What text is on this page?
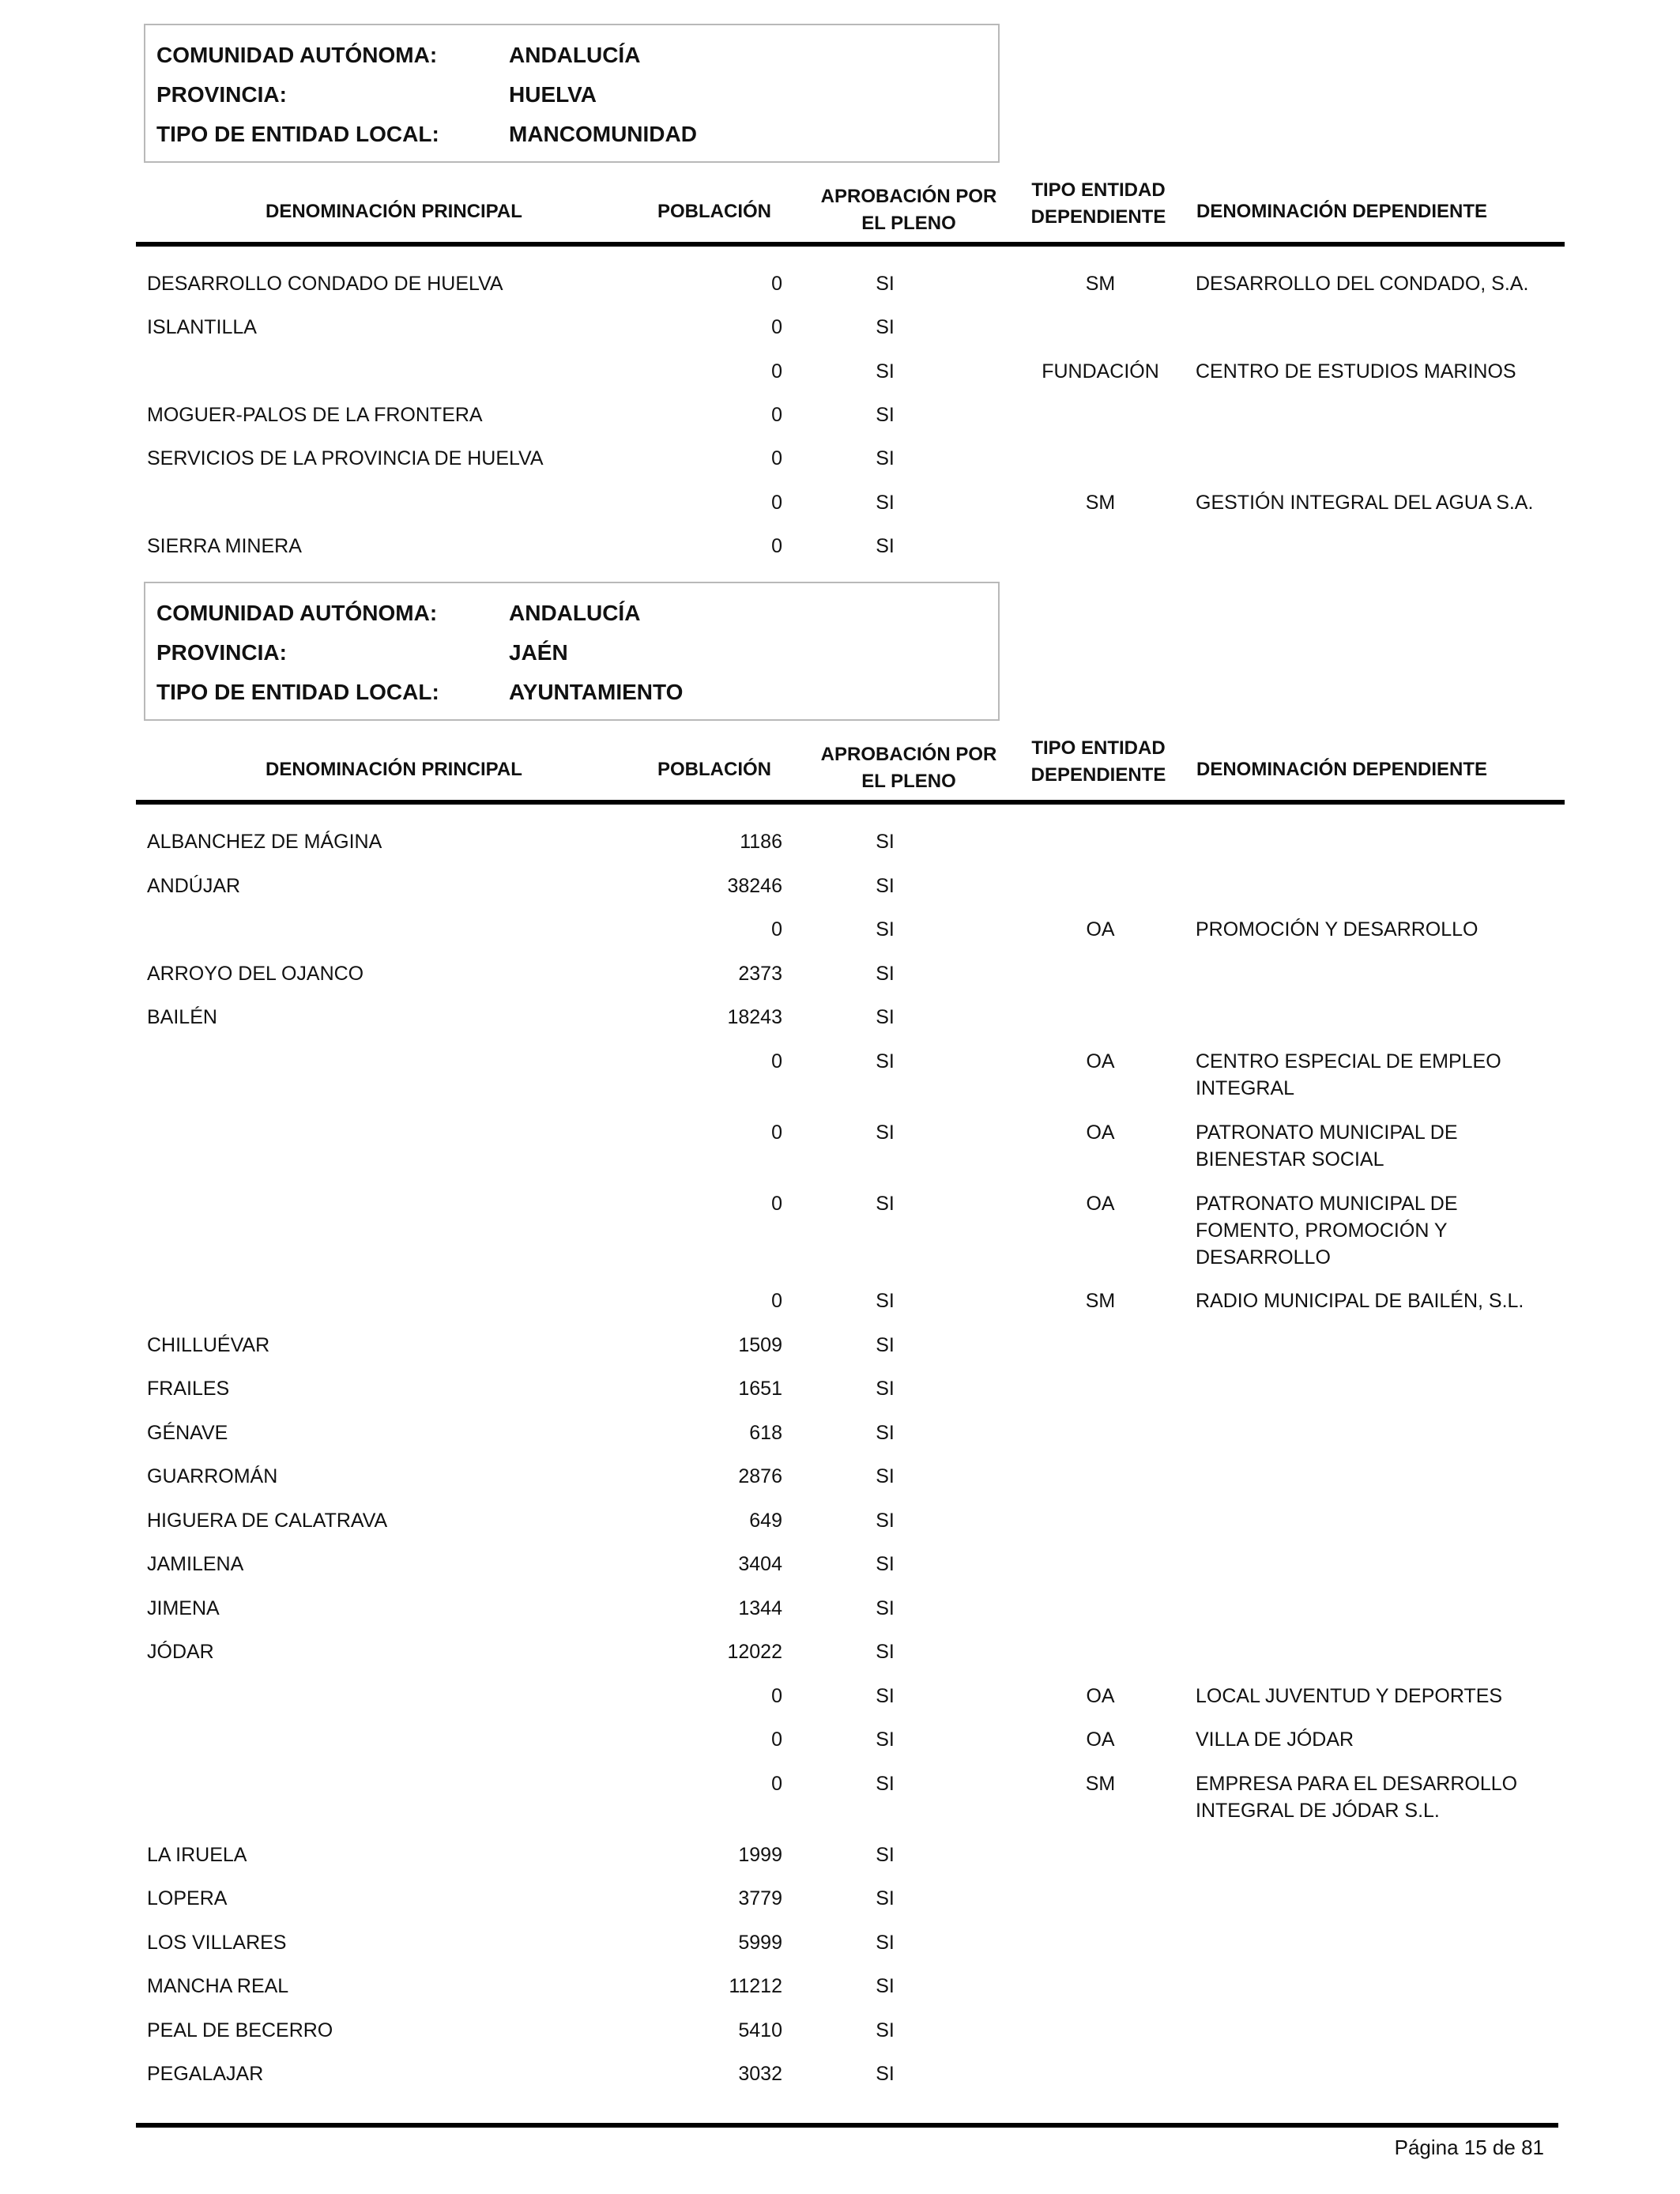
COMUNIDAD AUTÓNOMA:	ANDALUCÍA
PROVINCIA:	HUELVA
TIPO DE ENTIDAD LOCAL:	MANCOMUNIDAD
DENOMINACIÓN PRINCIPAL	POBLACIÓN
APROBACIÓN POR
EL PLENO
TIPO ENTIDAD
DEPENDIENTE	DENOMINACIÓN DEPENDIENTE
DESARROLLO CONDADO DE HUELVA	0	SI	SM	DESARROLLO DEL CONDADO, S.A.
ISLANTILLA	0	SI
0	SI	FUNDACIÓN	CENTRO DE ESTUDIOS MARINOS
MOGUER-PALOS DE LA FRONTERA	0	SI
SERVICIOS DE LA PROVINCIA DE HUELVA	0	SI
0	SI	SM	GESTIÓN INTEGRAL DEL AGUA S.A.
SIERRA MINERA	0	SI
COMUNIDAD AUTÓNOMA:	ANDALUCÍA
PROVINCIA:	JAÉN
TIPO DE ENTIDAD LOCAL:	AYUNTAMIENTO
DENOMINACIÓN PRINCIPAL	POBLACIÓN
APROBACIÓN POR
EL PLENO
TIPO ENTIDAD
DEPENDIENTE	DENOMINACIÓN DEPENDIENTE
ALBANCHEZ DE MÁGINA	1186	SI
ANDÚJAR	38246	SI
0	SI	OA	PROMOCIÓN Y DESARROLLO
ARROYO DEL OJANCO	2373	SI
BAILÉN	18243	SI
0	SI	OA	CENTRO ESPECIAL DE EMPLEO INTEGRAL
0	SI	OA	PATRONATO MUNICIPAL DE BIENESTAR SOCIAL
0	SI	OA	PATRONATO MUNICIPAL DE FOMENTO, PROMOCIÓN Y DESARROLLO
0	SI	SM	RADIO MUNICIPAL DE BAILÉN, S.L.
CHILLUÉVAR	1509	SI
FRAILES	1651	SI
GÉNAVE	618	SI
GUARROMÁN	2876	SI
HIGUERA DE CALATRAVA	649	SI
JAMILENA	3404	SI
JIMENA	1344	SI
JÓDAR	12022	SI
0	SI	OA	LOCAL JUVENTUD Y DEPORTES
0	SI	OA	VILLA DE JÓDAR
0	SI	SM	EMPRESA PARA EL DESARROLLO INTEGRAL DE JÓDAR S.L.
LA IRUELA	1999	SI
LOPERA	3779	SI
LOS VILLARES	5999	SI
MANCHA REAL	11212	SI
PEAL DE BECERRO	5410	SI
PEGALAJAR	3032	SI
Página 15 de 81
